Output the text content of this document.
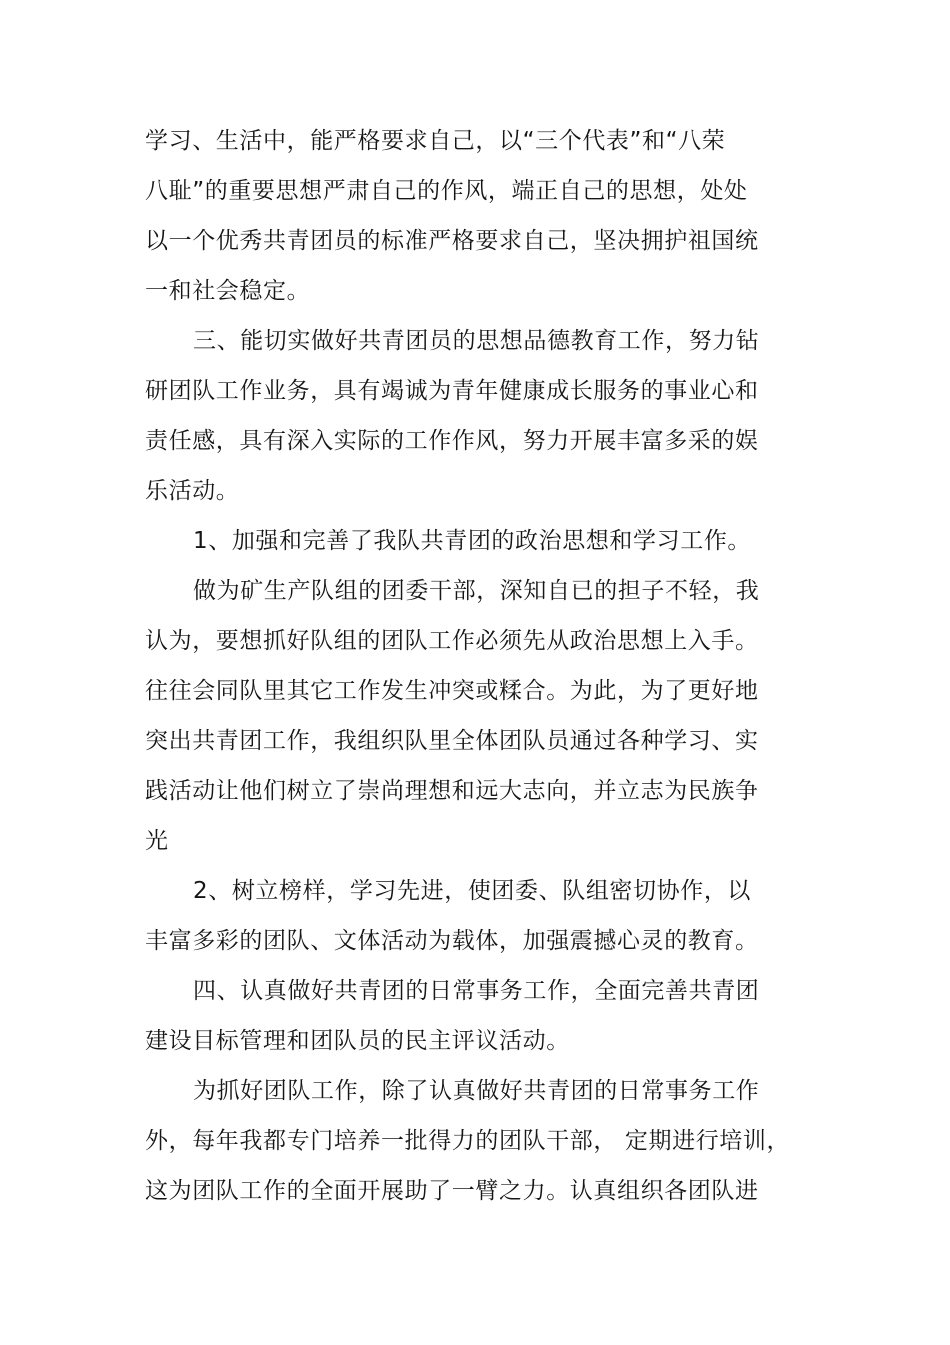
学习、生活中，能严格要求自己，以“三个代表”和“八荣

八耻”的重要思想严肃自己的作风，端正自己的思想，处处

以一个优秀共青团员的标准严格要求自己，坚决拥护祖国统

一和社会稳定。

三、能切实做好共青团员的思想品德教育工作，努力钻

研团队工作业务，具有竭诚为青年健康成长服务的事业心和

责任感，具有深入实际的工作作风，努力开展丰富多采的娱

乐活动。

1、加强和完善了我队共青团的政治思想和学习工作。

做为矿生产队组的团委干部，深知自已的担子不轻，我

认为，要想抓好队组的团队工作必须先从政治思想上入手。

往往会同队里其它工作发生冲突或糅合。为此，为了更好地

突出共青团工作，我组织队里全体团队员通过各种学习、实

践活动让他们树立了崇尚理想和远大志向，并立志为民族争

光

2、树立榜样，学习先进，使团委、队组密切协作，以

丰富多彩的团队、文体活动为载体，加强震撼心灵的教育。

四、认真做好共青团的日常事务工作，全面完善共青团

建设目标管理和团队员的民主评议活动。

为抓好团队工作，除了认真做好共青团的日常事务工作

外，每年我都专门培养一批得力的团队干部， 定期进行培训，

这为团队工作的全面开展助了一臂之力。认真组织各团队进
